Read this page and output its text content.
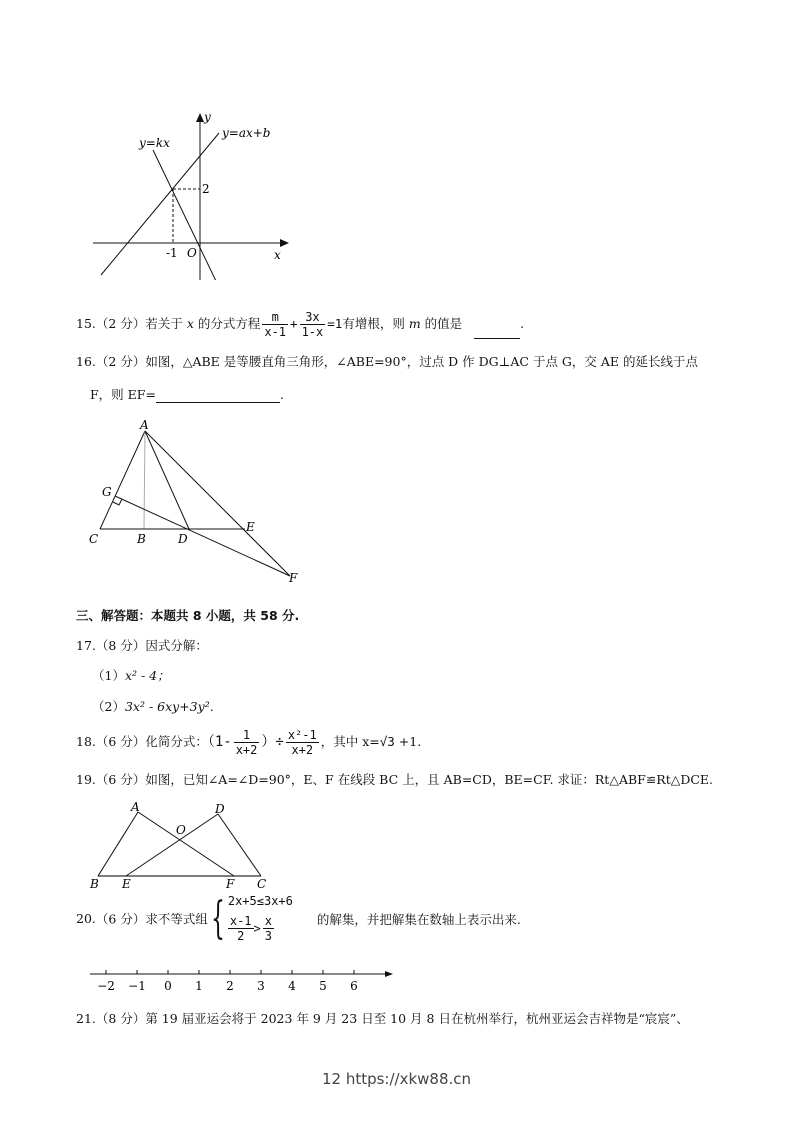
y
y=ax+b
y=kx
2
-1 O	x
15.（2 分）若关于 x 的分式方程 $\frac{m}{x-1} + \frac{3x}{1-x} =1$有增根，则 m 的值是	.
16.（2 分）如图，△ABE 是等腰直角三角形，∠ABE=90°，过点 D 作 DG⊥AC 于点 G，交 AE 的延长线于点
F，则 EF=	.
A
G
C	B	D
E
F
三、解答题：本题共 8 小题，共 58 分.
17.（8 分）因式分解：
（1）x² - 4；
（2）3x² - 6xy+3y².
18.（6 分）化简分式：（$1- \frac{1}{x+2}$ ）÷ $\frac{\text{x²-1}}{x+2}$ ，其中 x=√3 +1.
19.（6 分）如图，已知∠A=∠D=90°，E、F 在线段 BC 上，且 AB=CD，BE=CF. 求证：Rt△ABF≌Rt△DCE.
A	D
O
B E	F C
20.（6 分）求不等式组{ 2x+5≤3x+6
$\frac{x-1}{2} > \frac{x}{3}$	的解集，并把解集在数轴上表示出来.
−2 −1 0 1 2 3 4 5 6
21.（8 分）第 19 届亚运会将于 2023 年 9 月 23 日至 10 月 8 日在杭州举行，杭州亚运会吉祥物是“宸宸”、
12 https://xkw88.cn
